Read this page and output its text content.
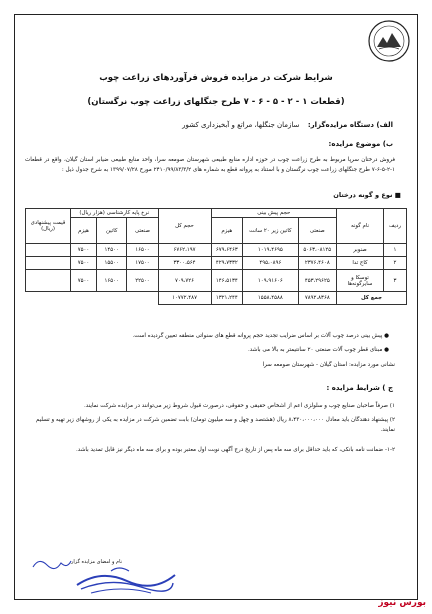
شرایط شرکت در مزایده فروش فرآوردهای زراعت چوب
(قطعات ۱ - ۲ - ۵ - ۶ - ۷ طرح جنگلهای زراعت چوب نرگستان)
الف) دستگاه مزایده‌گزار: سازمان جنگلها، مراتع و آبخیزداری کشور
ب) موضوع مزایده:
فروش درختان سرپا مربوط به طرح زراعت چوب در حوزه اداره منابع طبیعی شهرستان صومعه سرا، واحد منابع طبیعی ضیابر استان گیلان، واقع در قطعات ۱-۲-۵-۶-۷ طرح جنگلهای زراعت چوب نرگستان و با استناد به پروانه قطع به شماره های ۲۴۱۰/۹۹/۸۳/۳/۲ مورخ ۱۳۹۹/۰۷/۲۸ به شرح جدول ذیل :
■ نوع و گونه درختان
ردیف	نام گونه	حجم پیش بینی			حجم کل	نرخ پایه کارشناسی (هزار ریال)			قیمت پیشنهادی (ریال)
		صنعتی	کاتین زیر ۲۰ سانت	هیزم		صنعتی	کاتین	هیزم	
۱	صنوبر	۵۰۶۳،۰۸۱۲۵	۱۰۱۹،۴۶۹۵	۶۷۹،۶۴۶۳	۶۷۶۲،۱۹۷	۱۶۵۰۰	۱۴۵۰۰	۷۵۰۰	
۲	کاج تدا	۲۳۷۶،۴۶۰۸	۴۹۵،۰۸۹۶	۴۲۹،۷۳۳۲	۳۳۰۰،۵۶۴	۱۷۵۰۰	۱۵۵۰۰	۷۵۰۰	
۳	توسکا و سایرگونه‌ها	۴۵۳،۲۹۶۲۵	۱۰۹،۹۱۶۰۶	۱۴۶،۵۱۳۴	۷۰۹،۷۲۶	۲۲۵۰۰	۱۶۵۰۰	۷۵۰۰	
جمع کل		۷۸۹۲،۸۳۶۸	۱۵۵۸،۴۵۸۸	۱۳۲۱،۲۴۴	۱۰۷۷۲،۴۸۷				
● پیش بینی درصد چوب آلات بر اساس ضرایب تجدید حجم پروانه قطع های سنواتی منطقه تعیین گردیده است.
● مبنای قطر چوب آلات صنعتی ۲۰ سانتیمتر به بالا می باشد.
نشانی مورد مزایده: استان گیلان - شهرستان صومعه سرا
ج ) شرایط مزایده :
۱) صرفاً صاحبان صنایع چوب و سلولزی اعم از اشخاص حقیقی و حقوقی، درصورت قبول شروط زیر می‌توانند در مزایده شرکت نمایند.
۲) پیشنهاد دهندگان باید معادل ۸،۴۳۰،۰۰۰،۰۰۰ ریال (هشتصد و چهل و سه میلیون تومان) بابت تضمین شرکت در مزایده به یکی از روشهای زیر تهیه و تسلیم نمایند.
۱-۲- ضمانت نامه بانکی، که باید حداقل برای سه ماه پس از تاریخ درج آگهی نوبت اول معتبر بوده و برای سه ماه دیگر نیز قابل تمدید باشد.
نام و امضای مزایده گزار
بورس نیوز
